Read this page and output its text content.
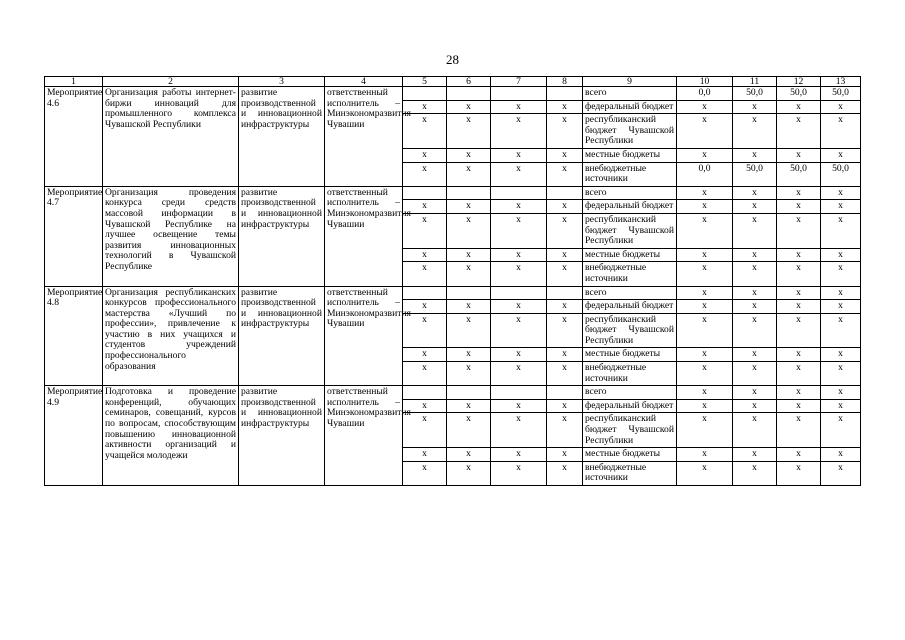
28
1	2	3	4	5	6	7	8	9	10	11	12	13
Мероприятие 4.6	Организация работы интернет-биржи инноваций для промышленного комплекса Чувашской Республики	развитие производственной и инновационной инфраструктуры	ответственный исполнитель – Минэкономразвития Чувашии					всего	0,0	50,0	50,0	50,0
				x	x	x	x	федеральный бюджет	x	x	x	x
				x	x	x	x	республиканский бюджет Чувашской Республики	x	x	x	x
				x	x	x	x	местные бюджеты	x	x	x	x
				x	x	x	x	внебюджетные источники	0,0	50,0	50,0	50,0
Мероприятие 4.7	Организация проведения конкурса среди средств массовой информации в Чувашской Республике на лучшее освещение темы развития инновационных технологий в Чувашской Республике	развитие производственной и инновационной инфраструктуры	ответственный исполнитель – Минэкономразвития Чувашии					всего	x	x	x	x
				x	x	x	x	федеральный бюджет	x	x	x	x
				x	x	x	x	республиканский бюджет Чувашской Республики	x	x	x	x
				x	x	x	x	местные бюджеты	x	x	x	x
				x	x	x	x	внебюджетные источники	x	x	x	x
Мероприятие 4.8	Организация республиканских конкурсов профессионального мастерства «Лучший по профессии», привлечение к участию в них учащихся и студентов учреждений профессионального образования	развитие производственной и инновационной инфраструктуры	ответственный исполнитель – Минэкономразвития Чувашии					всего	x	x	x	x
				x	x	x	x	федеральный бюджет	x	x	x	x
				x	x	x	x	республиканский бюджет Чувашской Республики	x	x	x	x
				x	x	x	x	местные бюджеты	x	x	x	x
				x	x	x	x	внебюджетные источники	x	x	x	x
Мероприятие 4.9	Подготовка и проведение конференций, обучающих семинаров, совещаний, курсов по вопросам, способствующим повышению инновационной активности организаций и учащейся молодежи	развитие производственной и инновационной инфраструктуры	ответственный исполнитель – Минэкономразвития Чувашии					всего	x	x	x	x
				x	x	x	x	федеральный бюджет	x	x	x	x
				x	x	x	x	республиканский бюджет Чувашской Республики	x	x	x	x
				x	x	x	x	местные бюджеты	x	x	x	x
				x	x	x	x	внебюджетные источники	x	x	x	x
